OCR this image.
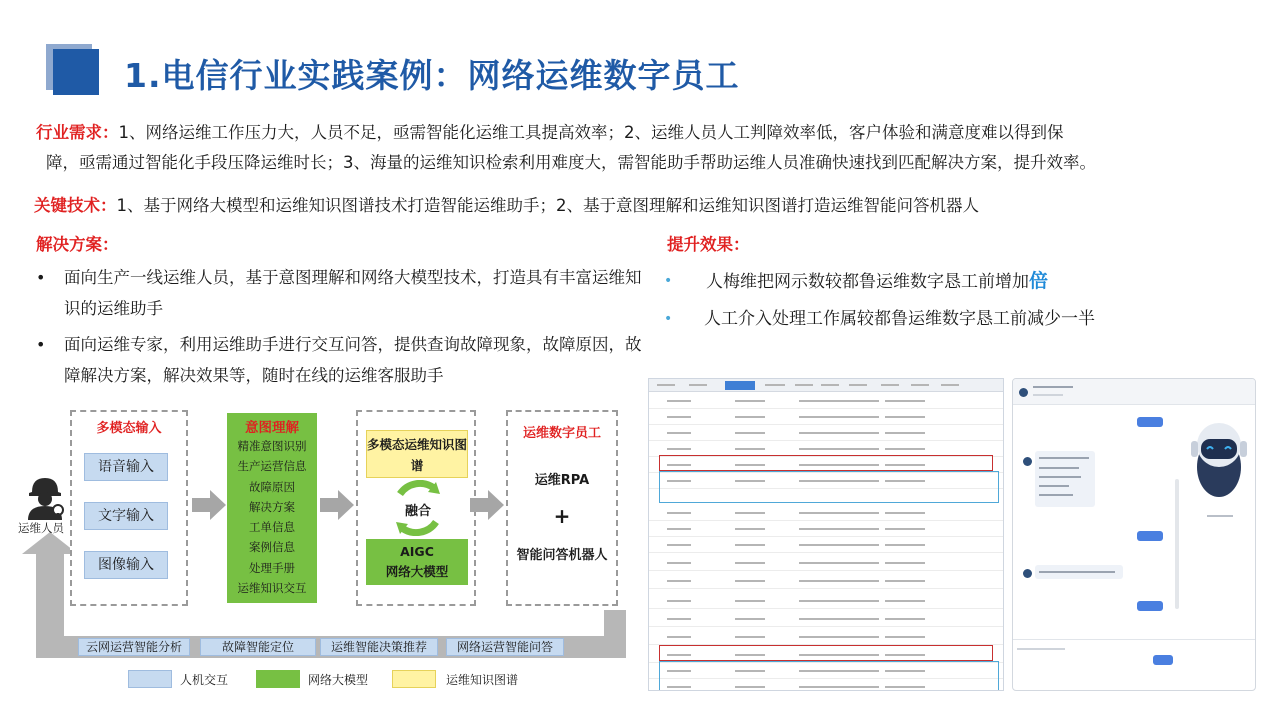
1.电信行业实践案例：网络运维数字员工
行业需求：1、网络运维工作压力大，人员不足，亟需智能化运维工具提高效率；2、运维人员人工判障效率低，客户体验和满意度难以得到保
障，亟需通过智能化手段压降运维时长；3、海量的运维知识检索利用难度大，需智能助手帮助运维人员准确快速找到匹配解决方案，提升效率。
关键技术：1、基于网络大模型和运维知识图谱技术打造智能运维助手；2、基于意图理解和运维知识图谱打造运维智能问答机器人
解决方案：	提升效果：
• 面向生产一线运维人员，基于意图理解和网络大模型技术，打造具有丰富运维知识的运维助手
• 面向运维专家，利用运维助手进行交互问答，提供查询故障现象，故障原因，故障解决方案，解决效果等，随时在线的运维客服助手
• 人梅维把网示数较都鲁运维数字恳工前增加倍
• 人工介入处理工作属较都鲁运维数字恳工前减少一半
运维人员
多模态输入
语音输入
文字输入
图像输入
意图理解
精准意图识别
生产运营信息
故障原因
解决方案
工单信息
案例信息
处理手册
运维知识交互
多模态运维知识图谱
融合
AIGC
网络大模型
运维数字员工
运维RPA
+
智能问答机器人
云网运营智能分析	故障智能定位	运维智能决策推荐	网络运营智能问答
人机交互	网络大模型	运维知识图谱
